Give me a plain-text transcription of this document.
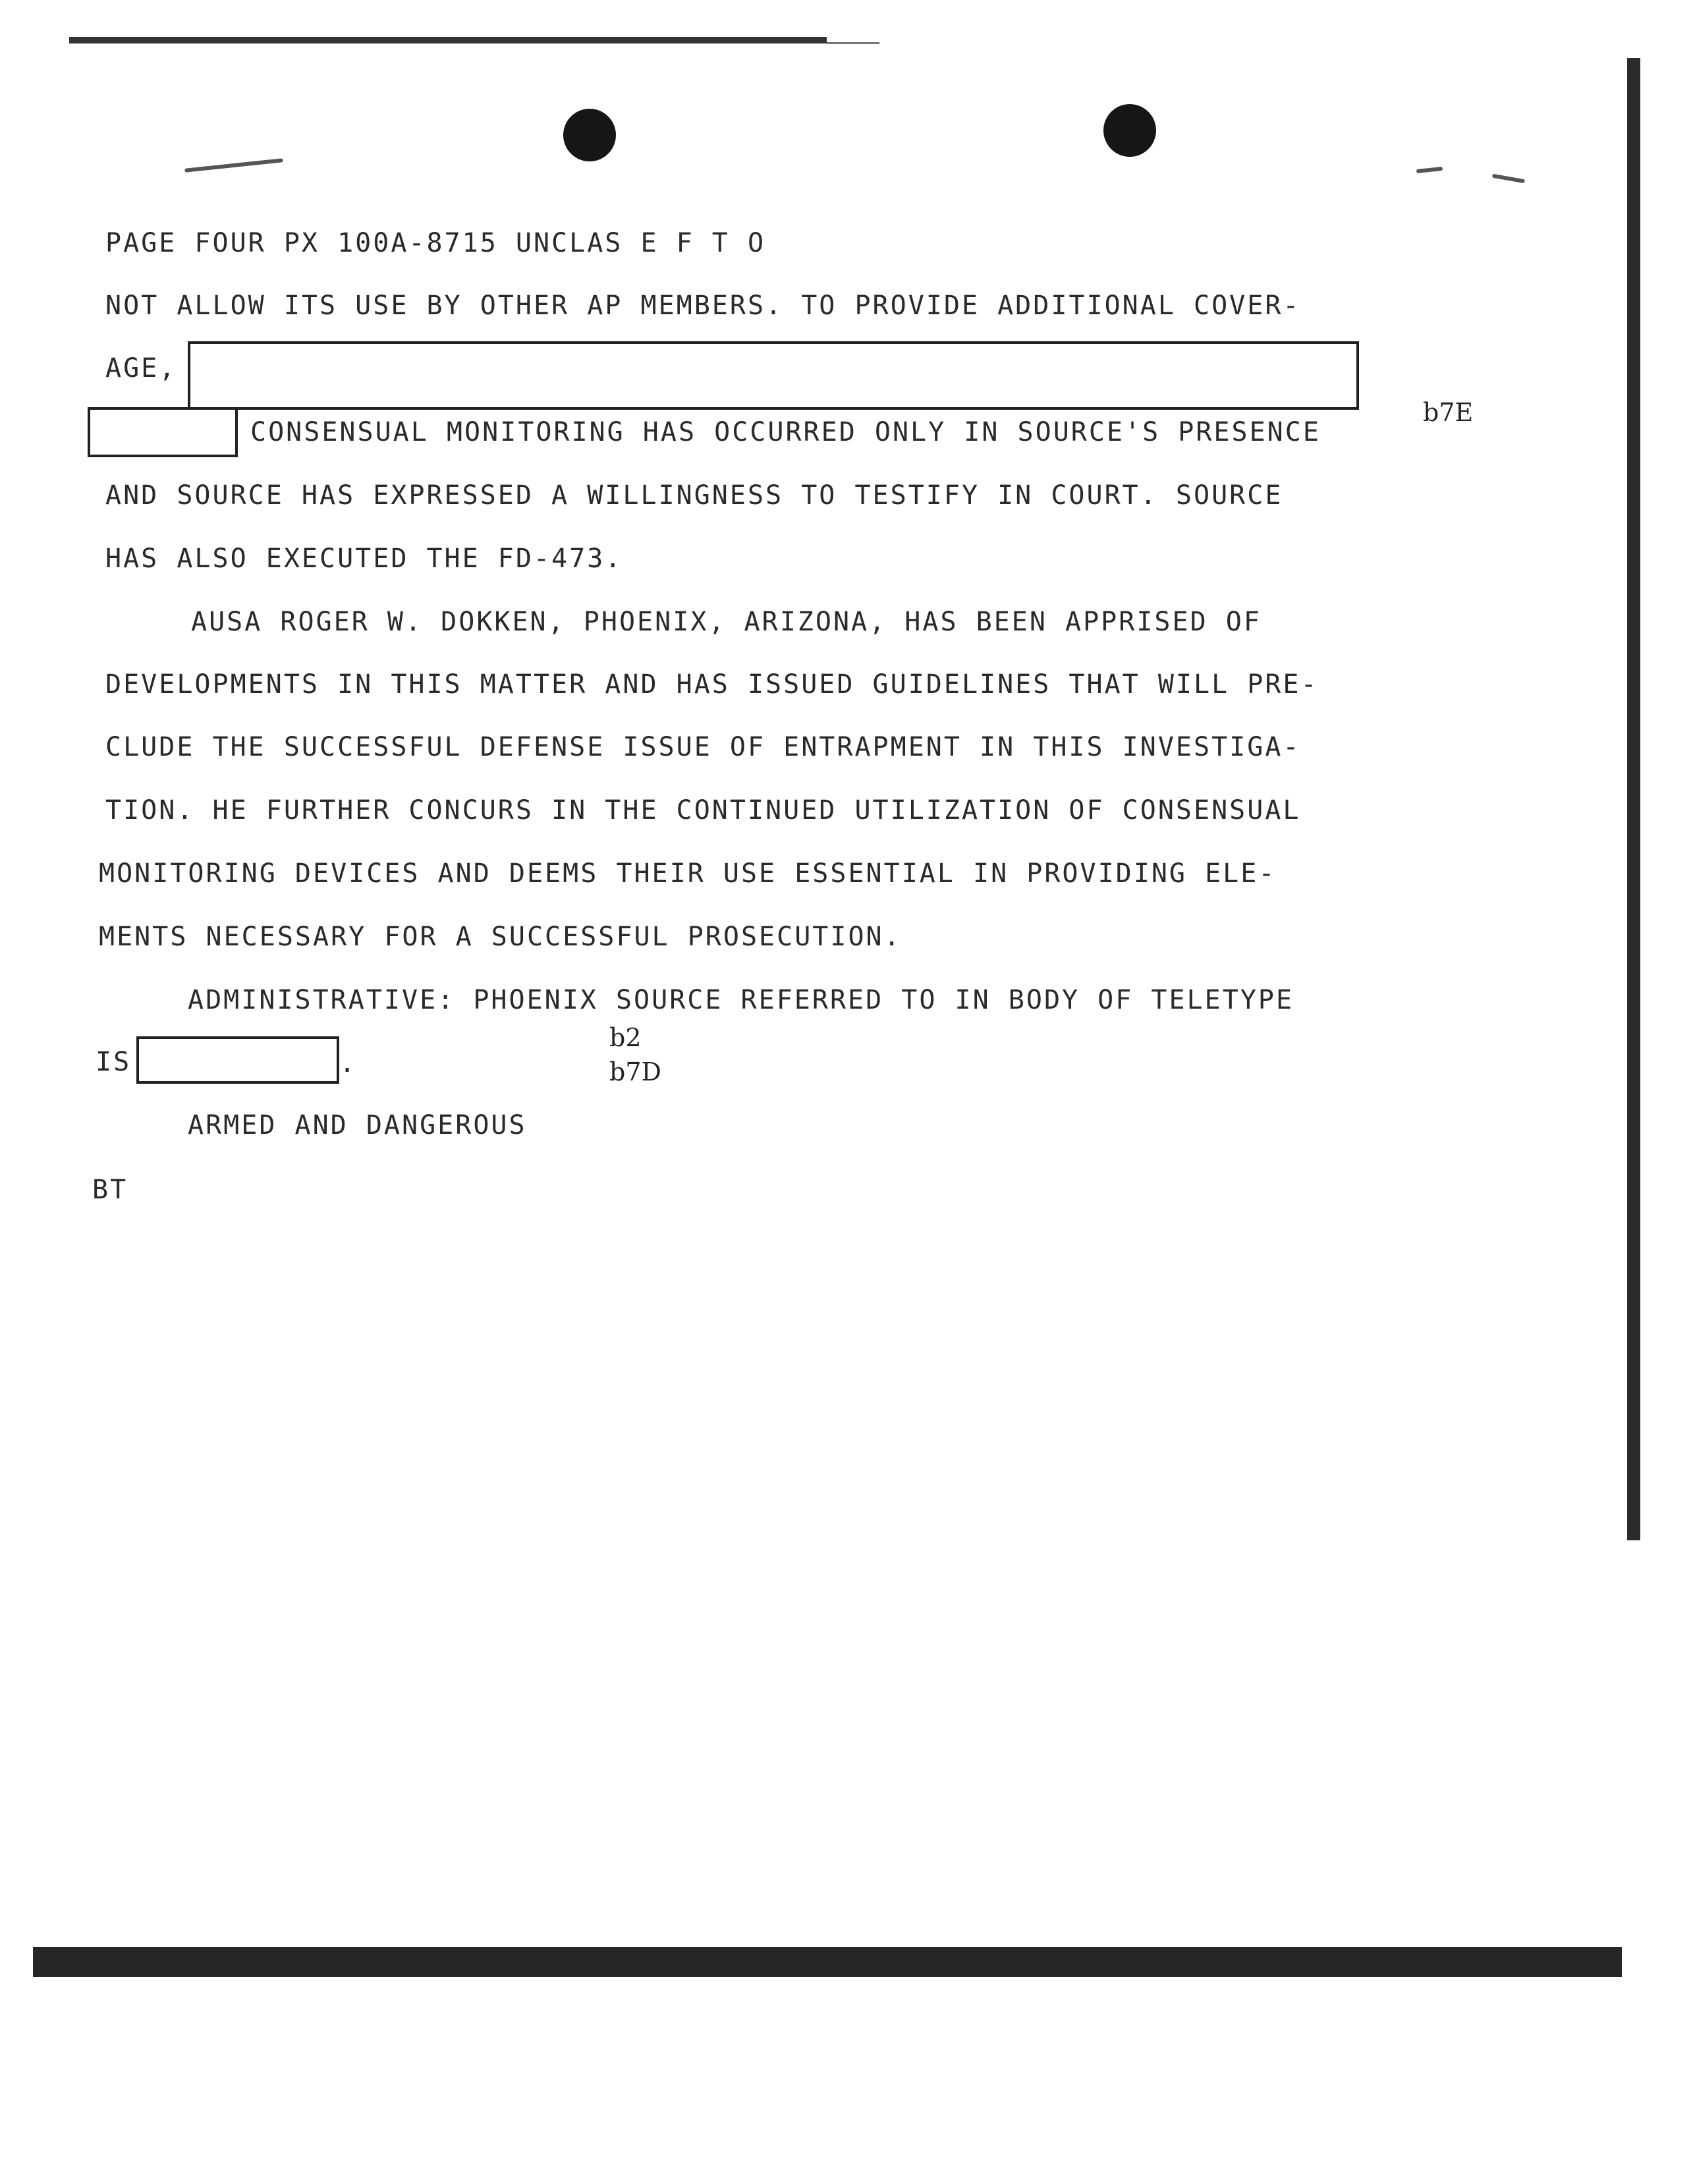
PAGE FOUR PX 100A-8715 UNCLAS E F T O
NOT ALLOW ITS USE BY OTHER AP MEMBERS. TO PROVIDE ADDITIONAL COVER-
AGE,
CONSENSUAL MONITORING HAS OCCURRED ONLY IN SOURCE'S PRESENCE
b7E
AND SOURCE HAS EXPRESSED A WILLINGNESS TO TESTIFY IN COURT. SOURCE
HAS ALSO EXECUTED THE FD-473.
AUSA ROGER W. DOKKEN, PHOENIX, ARIZONA, HAS BEEN APPRISED OF
DEVELOPMENTS IN THIS MATTER AND HAS ISSUED GUIDELINES THAT WILL PRE-
CLUDE THE SUCCESSFUL DEFENSE ISSUE OF ENTRAPMENT IN THIS INVESTIGA-
TION. HE FURTHER CONCURS IN THE CONTINUED UTILIZATION OF CONSENSUAL
MONITORING DEVICES AND DEEMS THEIR USE ESSENTIAL IN PROVIDING ELE-
MENTS NECESSARY FOR A SUCCESSFUL PROSECUTION.
ADMINISTRATIVE: PHOENIX SOURCE REFERRED TO IN BODY OF TELETYPE
IS	.
b2
b7D
ARMED AND DANGEROUS
BT
